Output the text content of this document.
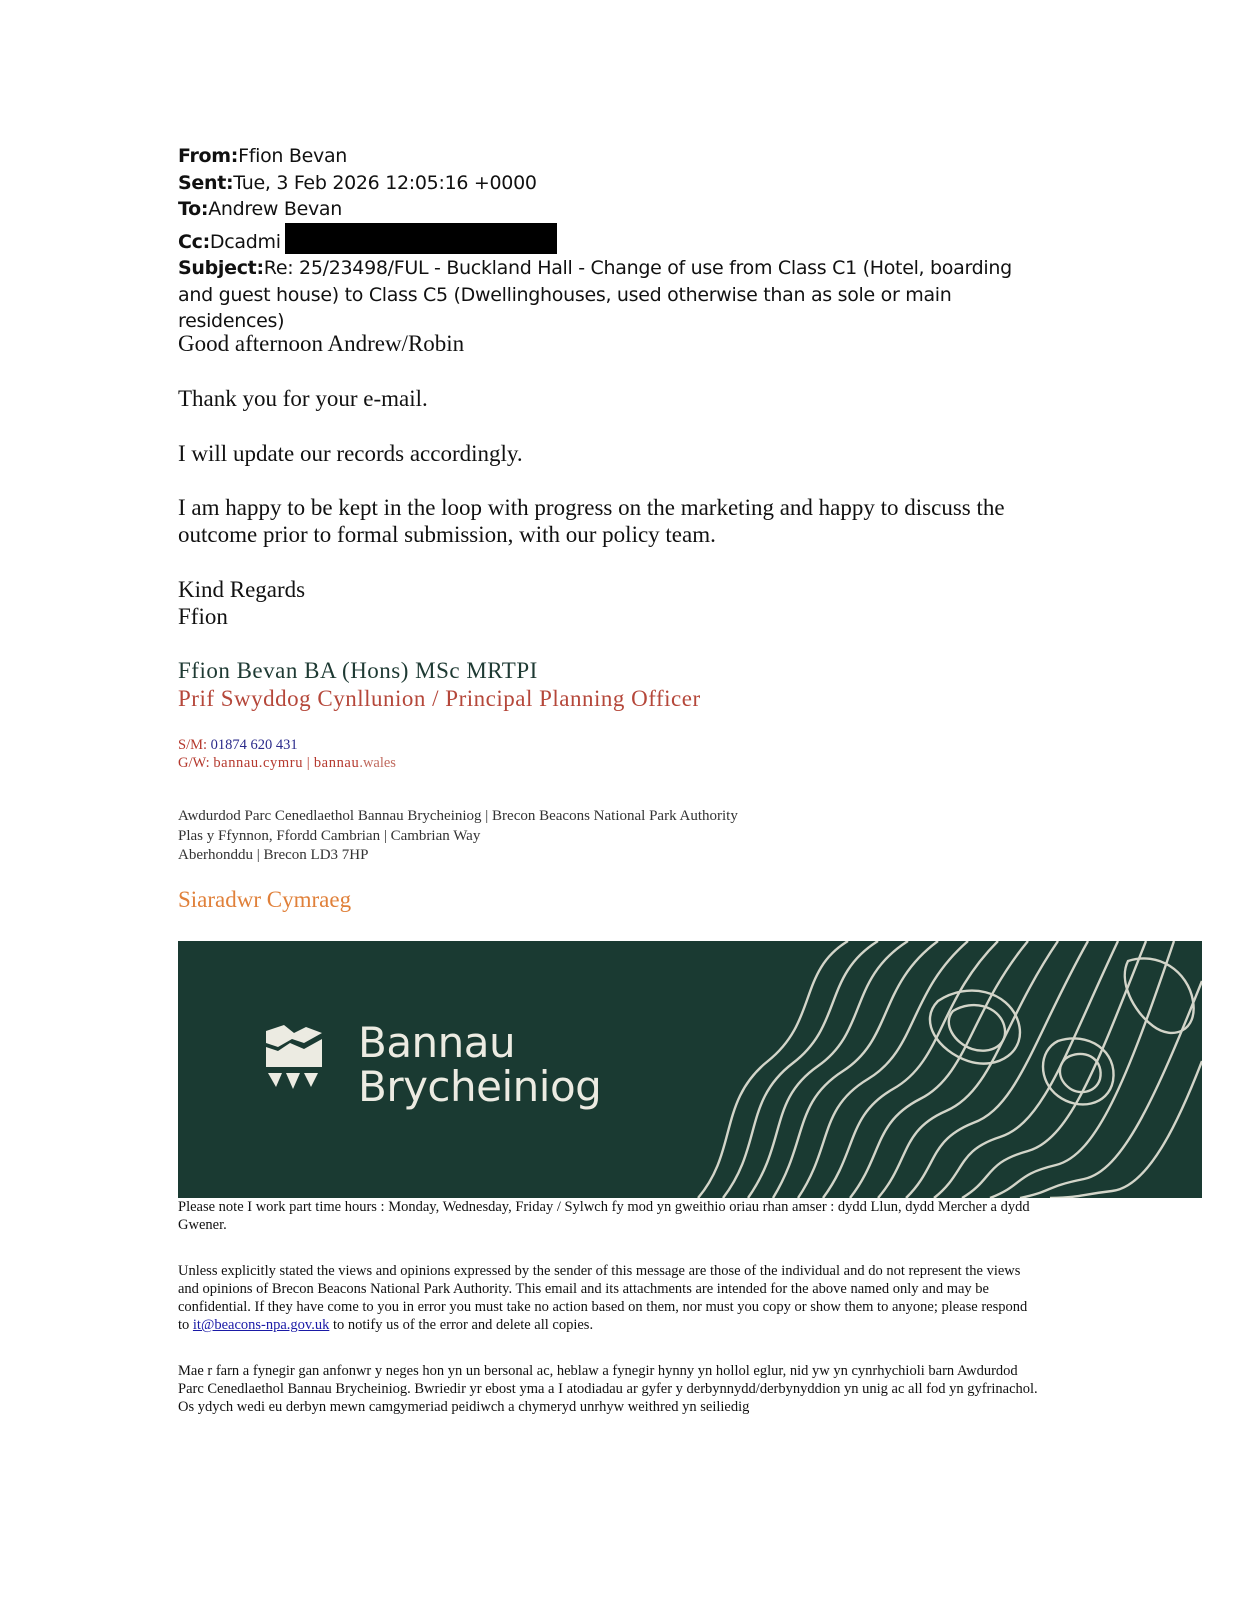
From:Ffion Bevan
Sent:Tue, 3 Feb 2026 12:05:16 +0000
To:Andrew Bevan
Cc:Dcadmi
Subject:Re: 25/23498/FUL - Buckland Hall - Change of use from Class C1 (Hotel, boarding and guest house) to Class C5 (Dwellinghouses, used otherwise than as sole or main residences)
Good afternoon Andrew/Robin
Thank you for your e-mail.
I will update our records accordingly.
I am happy to be kept in the loop with progress on the marketing and happy to discuss the outcome prior to formal submission, with our policy team.
Kind Regards
Ffion
Ffion Bevan BA (Hons) MSc MRTPI
Prif Swyddog Cynllunion / Principal Planning Officer
S/M: 01874 620 431
G/W: bannau.cymru | bannau.wales
Awdurdod Parc Cenedlaethol Bannau Brycheiniog | Brecon Beacons National Park Authority
Plas y Ffynnon, Ffordd Cambrian | Cambrian Way
Aberhonddu | Brecon LD3 7HP
Siaradwr Cymraeg
Bannau
Brycheiniog
Please note I work part time hours : Monday, Wednesday, Friday / Sylwch fy mod yn gweithio oriau rhan amser : dydd Llun, dydd Mercher a dydd Gwener.
Unless explicitly stated the views and opinions expressed by the sender of this message are those of the individual and do not represent the views and opinions of Brecon Beacons National Park Authority. This email and its attachments are intended for the above named only and may be confidential. If they have come to you in error you must take no action based on them, nor must you copy or show them to anyone; please respond to it@beacons-npa.gov.uk to notify us of the error and delete all copies.
Mae r farn a fynegir gan anfonwr y neges hon yn un bersonal ac, heblaw a fynegir hynny yn hollol eglur, nid yw yn cynrhychioli barn Awdurdod Parc Cenedlaethol Bannau Brycheiniog. Bwriedir yr ebost yma a I atodiadau ar gyfer y derbynnydd/derbynyddion yn unig ac all fod yn gyfrinachol. Os ydych wedi eu derbyn mewn camgymeriad peidiwch a chymeryd unrhyw weithred yn seiliedig
